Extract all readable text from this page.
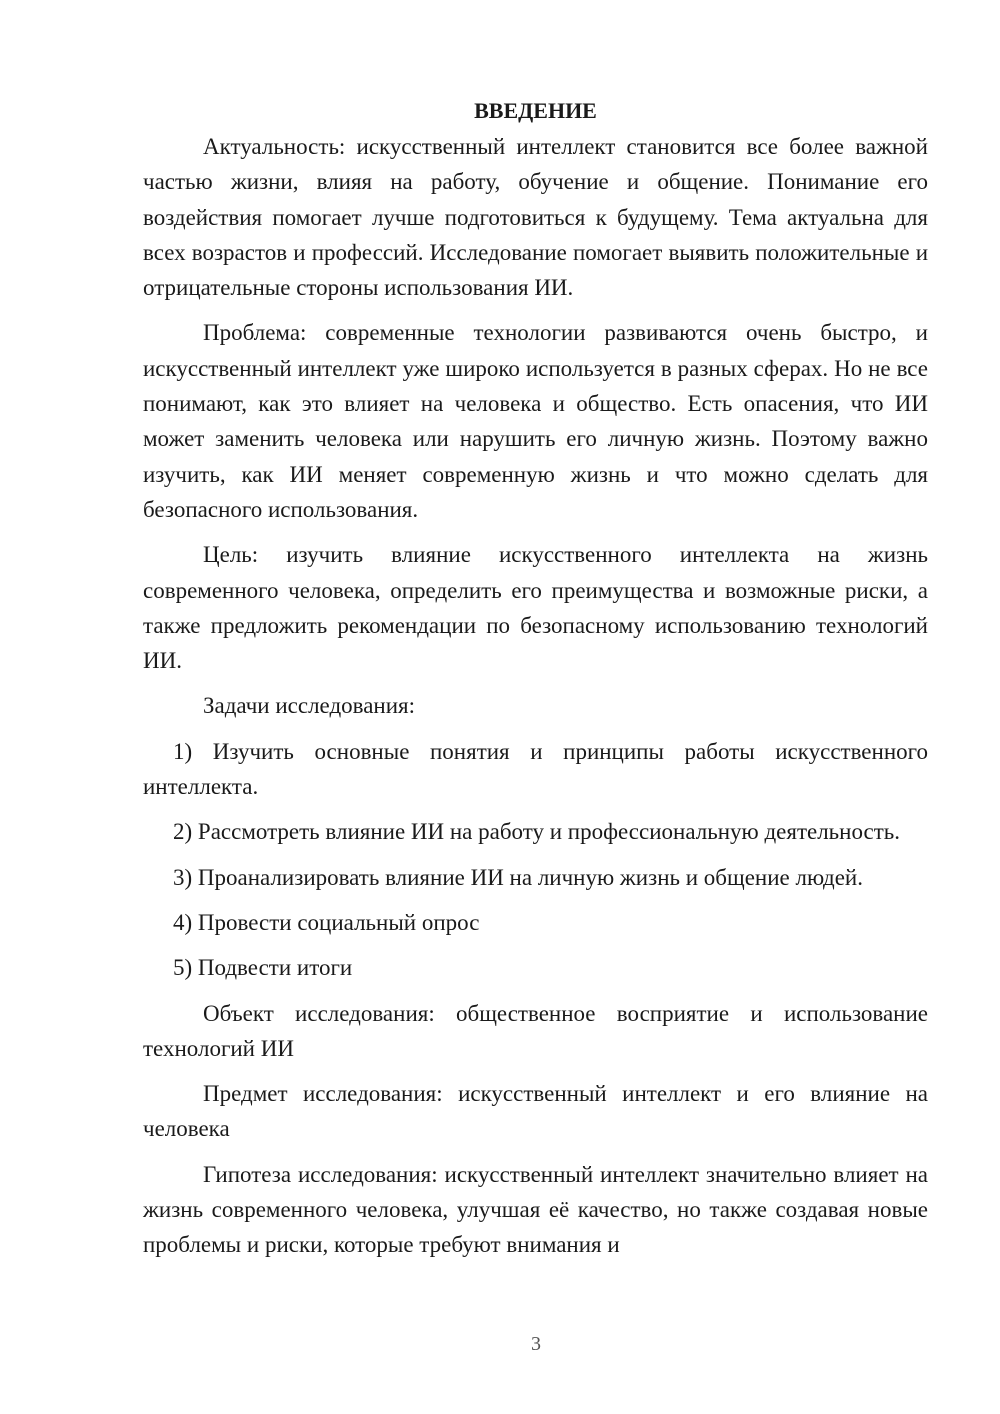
ВВЕДЕНИЕ

Актуальность: искусственный интеллект становится все более важной частью жизни, влияя на работу, обучение и общение. Понимание его воздействия помогает лучше подготовиться к будущему. Тема актуальна для всех возрастов и профессий. Исследование помогает выявить положительные и отрицательные стороны использования ИИ.

Проблема: современные технологии развиваются очень быстро, и искусственный интеллект уже широко используется в разных сферах. Но не все понимают, как это влияет на человека и общество. Есть опасения, что ИИ может заменить человека или нарушить его личную жизнь. Поэтому важно изучить, как ИИ меняет современную жизнь и что можно сделать для безопасного использования.

Цель: изучить влияние искусственного интеллекта на жизнь современного человека, определить его преимущества и возможные риски, а также предложить рекомендации по безопасному использованию технологий ИИ.

Задачи исследования:

1) Изучить основные понятия и принципы работы искусственного интеллекта.

2) Рассмотреть влияние ИИ на работу и профессиональную деятельность.

3) Проанализировать влияние ИИ на личную жизнь и общение людей.

4) Провести социальный опрос

5) Подвести итоги

Объект исследования: общественное восприятие и использование технологий ИИ

Предмет исследования: искусственный интеллект и его влияние на человека

Гипотеза исследования: искусственный интеллект значительно влияет на жизнь современного человека, улучшая её качество, но также создавая новые проблемы и риски, которые требуют внимания и

3
